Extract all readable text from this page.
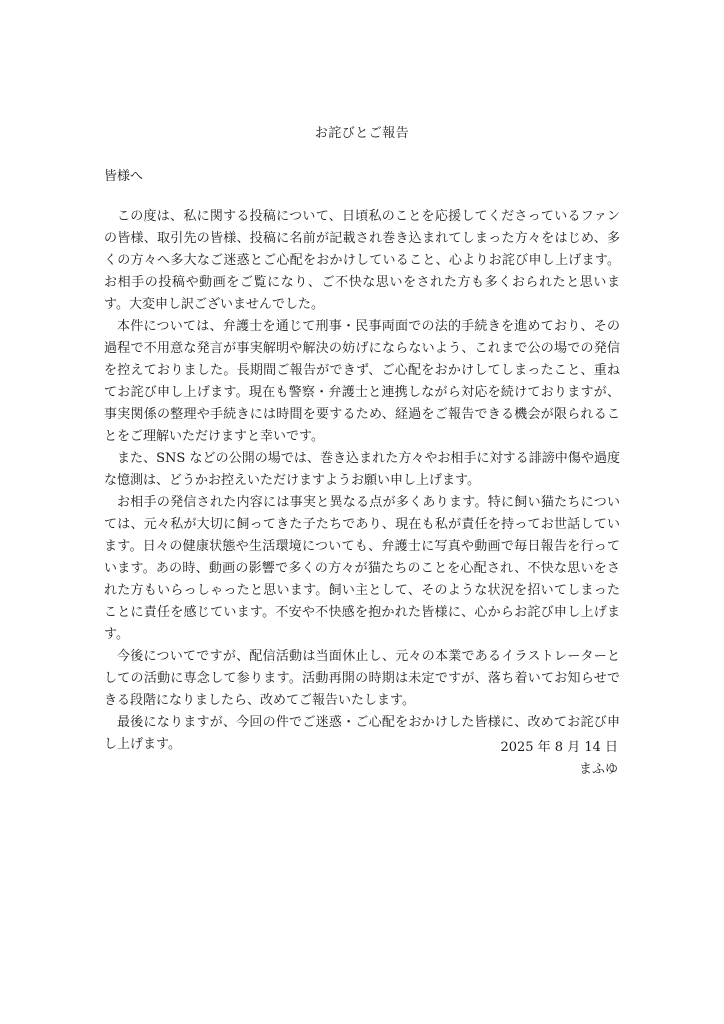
お詫びとご報告
皆様へ

この度は、私に関する投稿について、日頃私のことを応援してくださっているファンの皆様、取引先の皆様、投稿に名前が記載され巻き込まれてしまった方々をはじめ、多くの方々へ多大なご迷惑とご心配をおかけしていること、心よりお詫び申し上げます。お相手の投稿や動画をご覧になり、ご不快な思いをされた方も多くおられたと思います。大変申し訳ございませんでした。

本件については、弁護士を通じて刑事・民事両面での法的手続きを進めており、その過程で不用意な発言が事実解明や解決の妨げにならないよう、これまで公の場での発信を控えておりました。長期間ご報告ができず、ご心配をおかけしてしまったこと、重ねてお詫び申し上げます。現在も警察・弁護士と連携しながら対応を続けておりますが、事実関係の整理や手続きには時間を要するため、経過をご報告できる機会が限られることをご理解いただけますと幸いです。

また、SNS などの公開の場では、巻き込まれた方々やお相手に対する誹謗中傷や過度な憶測は、どうかお控えいただけますようお願い申し上げます。

お相手の発信された内容には事実と異なる点が多くあります。特に飼い猫たちについては、元々私が大切に飼ってきた子たちであり、現在も私が責任を持ってお世話しています。日々の健康状態や生活環境についても、弁護士に写真や動画で毎日報告を行っています。あの時、動画の影響で多くの方々が猫たちのことを心配され、不快な思いをされた方もいらっしゃったと思います。飼い主として、そのような状況を招いてしまったことに責任を感じています。不安や不快感を抱かれた皆様に、心からお詫び申し上げます。

今後についてですが、配信活動は当面休止し、元々の本業であるイラストレーターとしての活動に専念して参ります。活動再開の時期は未定ですが、落ち着いてお知らせできる段階になりましたら、改めてご報告いたします。

最後になりますが、今回の件でご迷惑・ご心配をおかけした皆様に、改めてお詫び申し上げます。	2025 年 8 月 14 日
まふゆ
